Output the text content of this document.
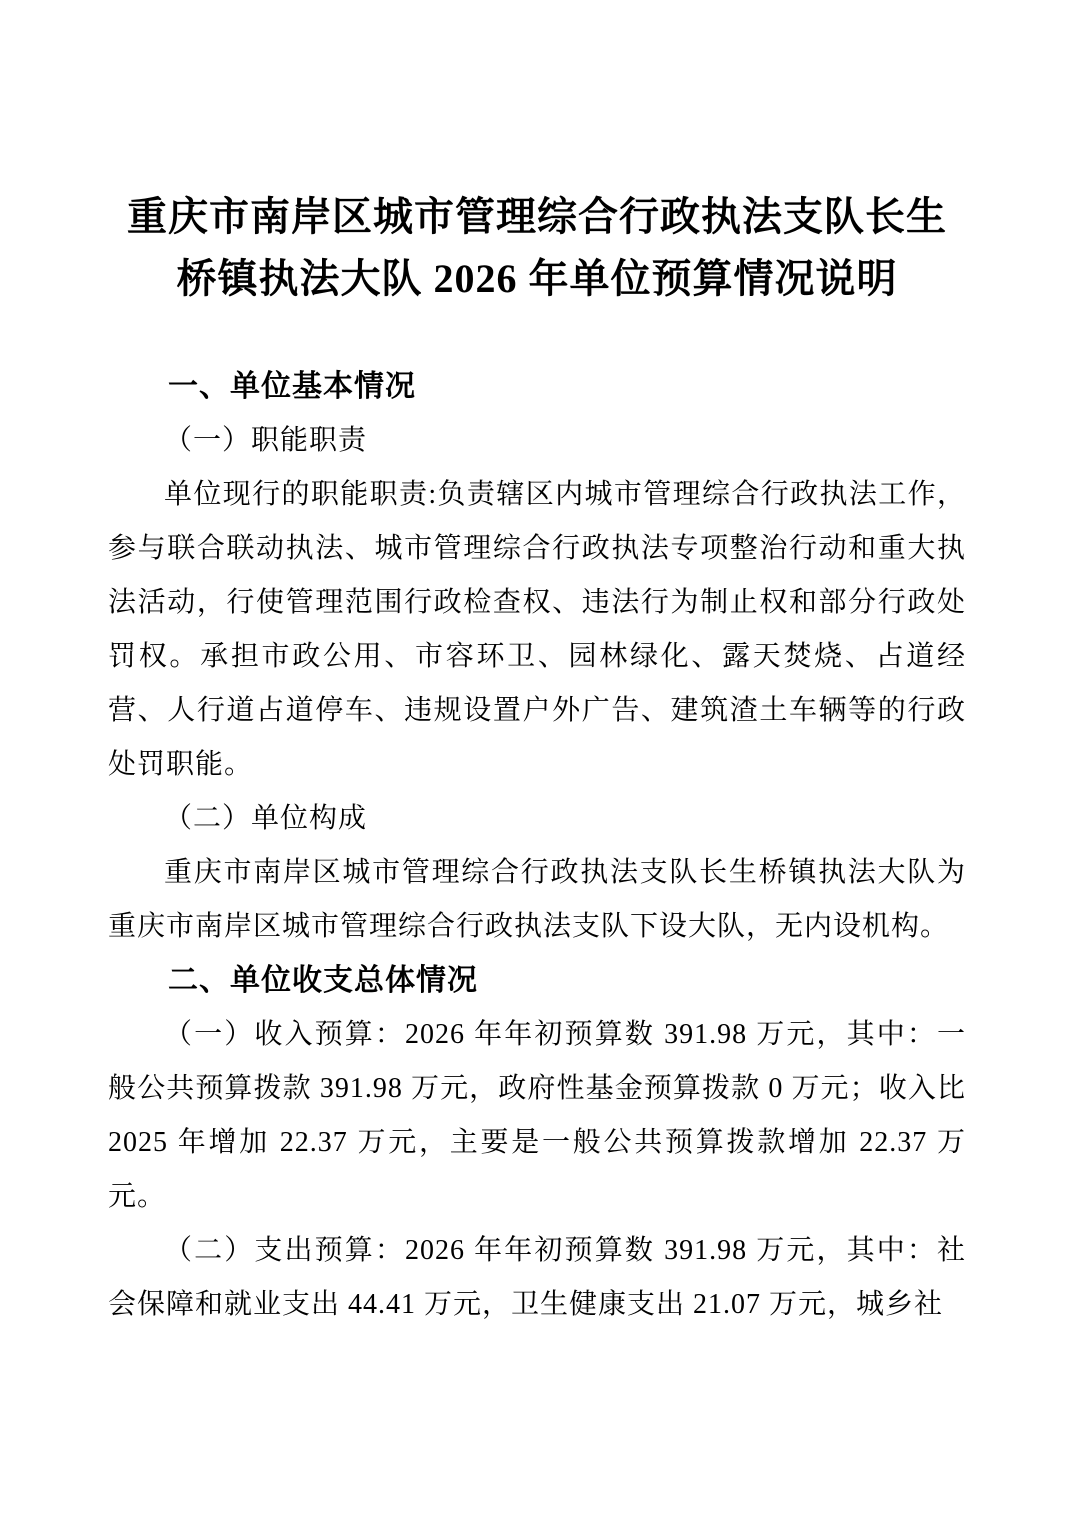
重庆市南岸区城市管理综合行政执法支队长生
桥镇执法大队 2026 年单位预算情况说明
一、单位基本情况
（一）职能职责

单位现行的职能职责:负责辖区内城市管理综合行政执法工作，参与联合联动执法、城市管理综合行政执法专项整治行动和重大执法活动，行使管理范围行政检查权、违法行为制止权和部分行政处罚权。承担市政公用、市容环卫、园林绿化、露天焚烧、占道经营、人行道占道停车、违规设置户外广告、建筑渣土车辆等的行政处罚职能。

（二）单位构成

重庆市南岸区城市管理综合行政执法支队长生桥镇执法大队为重庆市南岸区城市管理综合行政执法支队下设大队，无内设机构。

二、单位收支总体情况

（一）收入预算：2026 年年初预算数 391.98 万元，其中：一般公共预算拨款 391.98 万元，政府性基金预算拨款 0 万元；收入比 2025 年增加 22.37 万元，主要是一般公共预算拨款增加 22.37 万元。

（二）支出预算：2026 年年初预算数 391.98 万元，其中：社会保障和就业支出 44.41 万元，卫生健康支出 21.07 万元，城乡社
